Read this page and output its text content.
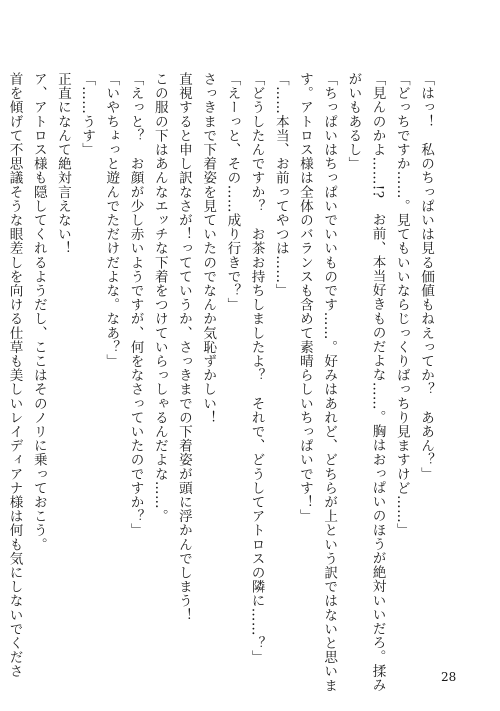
「はっ！　私のちっぱいは見る価値もねえってか？　ああん？」
「どっちですか……。見てもいいならじっくりばっちり見ますけど……」
「見んのかよ……!?　お前、本当好きものだよな……。胸はおっぱいのほうが絶対いいだろ。揉み
がいもあるし」
「ちっぱいはちっぱいでいいものです……。好みはあれど、どちらが上という訳ではないと思いま
す。アトロス様は全体のバランスも含めて素晴らしいちっぱいです！」
「……本当、お前ってやつは……」
「どうしたんですか？　お茶お持ちしましたよ？　それで、どうしてアトロスの隣に……？」
「えーっと、その……成り行きで？」
さっきまで下着姿を見ていたのでなんか気恥ずかしい！
直視すると申し訳なさが！ってていうか、さっきまでの下着姿が頭に浮かんでしまう！
この服の下はあんなエッチな下着をつけていらっしゃるんだよな……。
「えっと？　お顔が少し赤いようですが、何をなさっていたのですか？」
「いやちょっと遊んでただけだよな。なあ？」
「……うす」
正直になんて絶対言えない！
ア、アトロス様も隠してくれるようだし、ここはそのノリに乗っておこう。
首を傾げて不思議そうな眼差しを向ける仕草も美しいレイディアナ様は何も気にしないでくださ	28
